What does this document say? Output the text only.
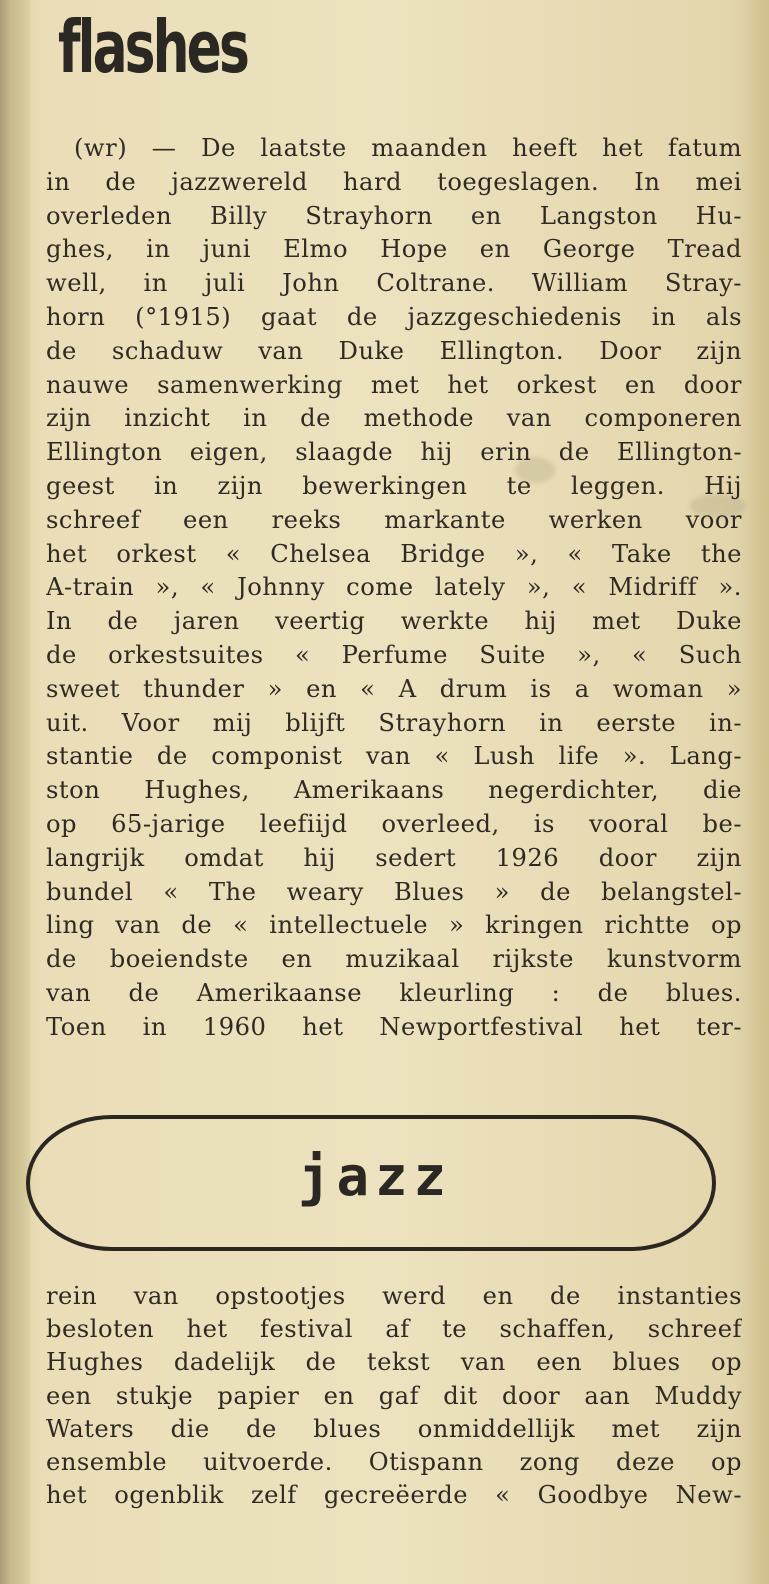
flashes
(wr) — De laatste maanden heeft het fatum
in de jazzwereld hard toegeslagen. In mei
overleden Billy Strayhorn en Langston Hu-
ghes, in juni Elmo Hope en George Tread
well, in juli John Coltrane. William Stray-
horn (°1915) gaat de jazzgeschiedenis in als
de schaduw van Duke Ellington. Door zijn
nauwe samenwerking met het orkest en door
zijn inzicht in de methode van componeren
Ellington eigen, slaagde hij erin de Ellington-
geest in zijn bewerkingen te leggen. Hij
schreef een reeks markante werken voor
het orkest « Chelsea Bridge », « Take the
A-train », « Johnny come lately », « Midriff ».
In de jaren veertig werkte hij met Duke
de orkestsuites « Perfume Suite », « Such
sweet thunder » en « A drum is a woman »
uit. Voor mij blijft Strayhorn in eerste in-
stantie de componist van « Lush life ». Lang-
ston Hughes, Amerikaans negerdichter, die
op 65-jarige leefiijd overleed, is vooral be-
langrijk omdat hij sedert 1926 door zijn
bundel « The weary Blues » de belangstel-
ling van de « intellectuele » kringen richtte op
de boeiendste en muzikaal rijkste kunstvorm
van de Amerikaanse kleurling : de blues.
Toen in 1960 het Newportfestival het ter-
jazz
rein van opstootjes werd en de instanties
besloten het festival af te schaffen, schreef
Hughes dadelijk de tekst van een blues op
een stukje papier en gaf dit door aan Muddy
Waters die de blues onmiddellijk met zijn
ensemble uitvoerde. Otispann zong deze op
het ogenblik zelf gecreëerde « Goodbye New-
